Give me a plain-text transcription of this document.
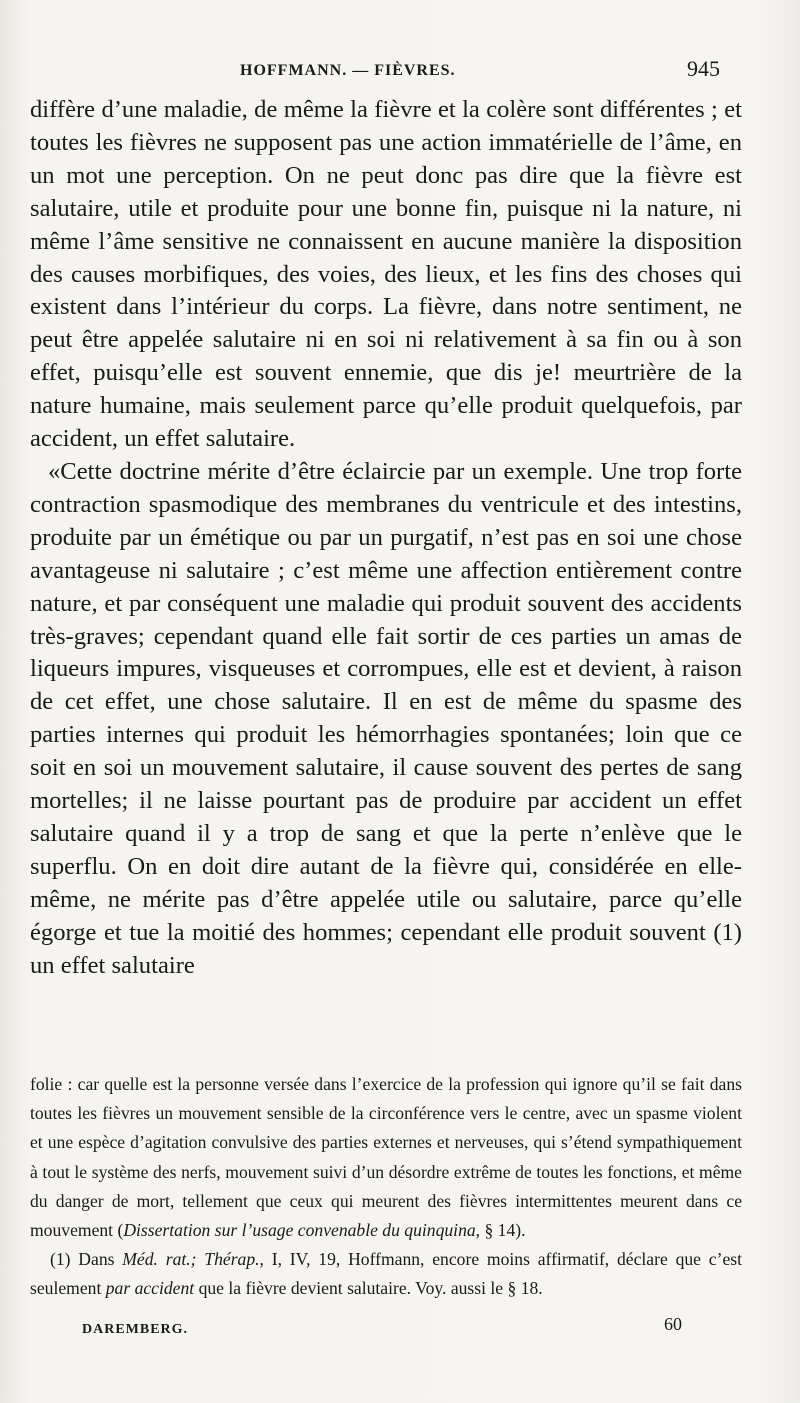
HOFFMANN. — FIÈVRES.	945

diffère d’une maladie, de même la fièvre et la colère sont différentes ; et toutes les fièvres ne supposent pas une action immatérielle de l’âme, en un mot une perception. On ne peut donc pas dire que la fièvre est salutaire, utile et produite pour une bonne fin, puisque ni la nature, ni même l’âme sensitive ne connaissent en aucune manière la disposition des causes morbifiques, des voies, des lieux, et les fins des choses qui existent dans l’intérieur du corps. La fièvre, dans notre sentiment, ne peut être appelée salutaire ni en soi ni relativement à sa fin ou à son effet, puisqu’elle est souvent ennemie, que dis je! meurtrière de la nature humaine, mais seulement parce qu’elle produit quelquefois, par accident, un effet salutaire.

«Cette doctrine mérite d’être éclaircie par un exemple. Une trop forte contraction spasmodique des membranes du ventricule et des intestins, produite par un émétique ou par un purgatif, n’est pas en soi une chose avantageuse ni salutaire ; c’est même une affection entièrement contre nature, et par conséquent une maladie qui produit souvent des accidents très-graves; cependant quand elle fait sortir de ces parties un amas de liqueurs impures, visqueuses et corrompues, elle est et devient, à raison de cet effet, une chose salutaire. Il en est de même du spasme des parties internes qui produit les hémorrhagies spontanées; loin que ce soit en soi un mouvement salutaire, il cause souvent des pertes de sang mortelles; il ne laisse pourtant pas de produire par accident un effet salutaire quand il y a trop de sang et que la perte n’enlève que le superflu. On en doit dire autant de la fièvre qui, considérée en elle-même, ne mérite pas d’être appelée utile ou salutaire, parce qu’elle égorge et tue la moitié des hommes; cependant elle produit souvent (1) un effet salutaire

folie : car quelle est la personne versée dans l’exercice de la profession qui ignore qu’il se fait dans toutes les fièvres un mouvement sensible de la circonférence vers le centre, avec un spasme violent et une espèce d’agitation convulsive des parties externes et nerveuses, qui s’étend sympathiquement à tout le système des nerfs, mouvement suivi d’un désordre extrême de toutes les fonctions, et même du danger de mort, tellement que ceux qui meurent des fièvres intermittentes meurent dans ce mouvement (Dissertation sur l’usage convenable du quinquina, § 14).

(1) Dans Méd. rat.; Thérap., I, IV, 19, Hoffmann, encore moins affirmatif, déclare que c’est seulement par accident que la fièvre devient salutaire. Voy. aussi le § 18.

DAREMBERG.	60
